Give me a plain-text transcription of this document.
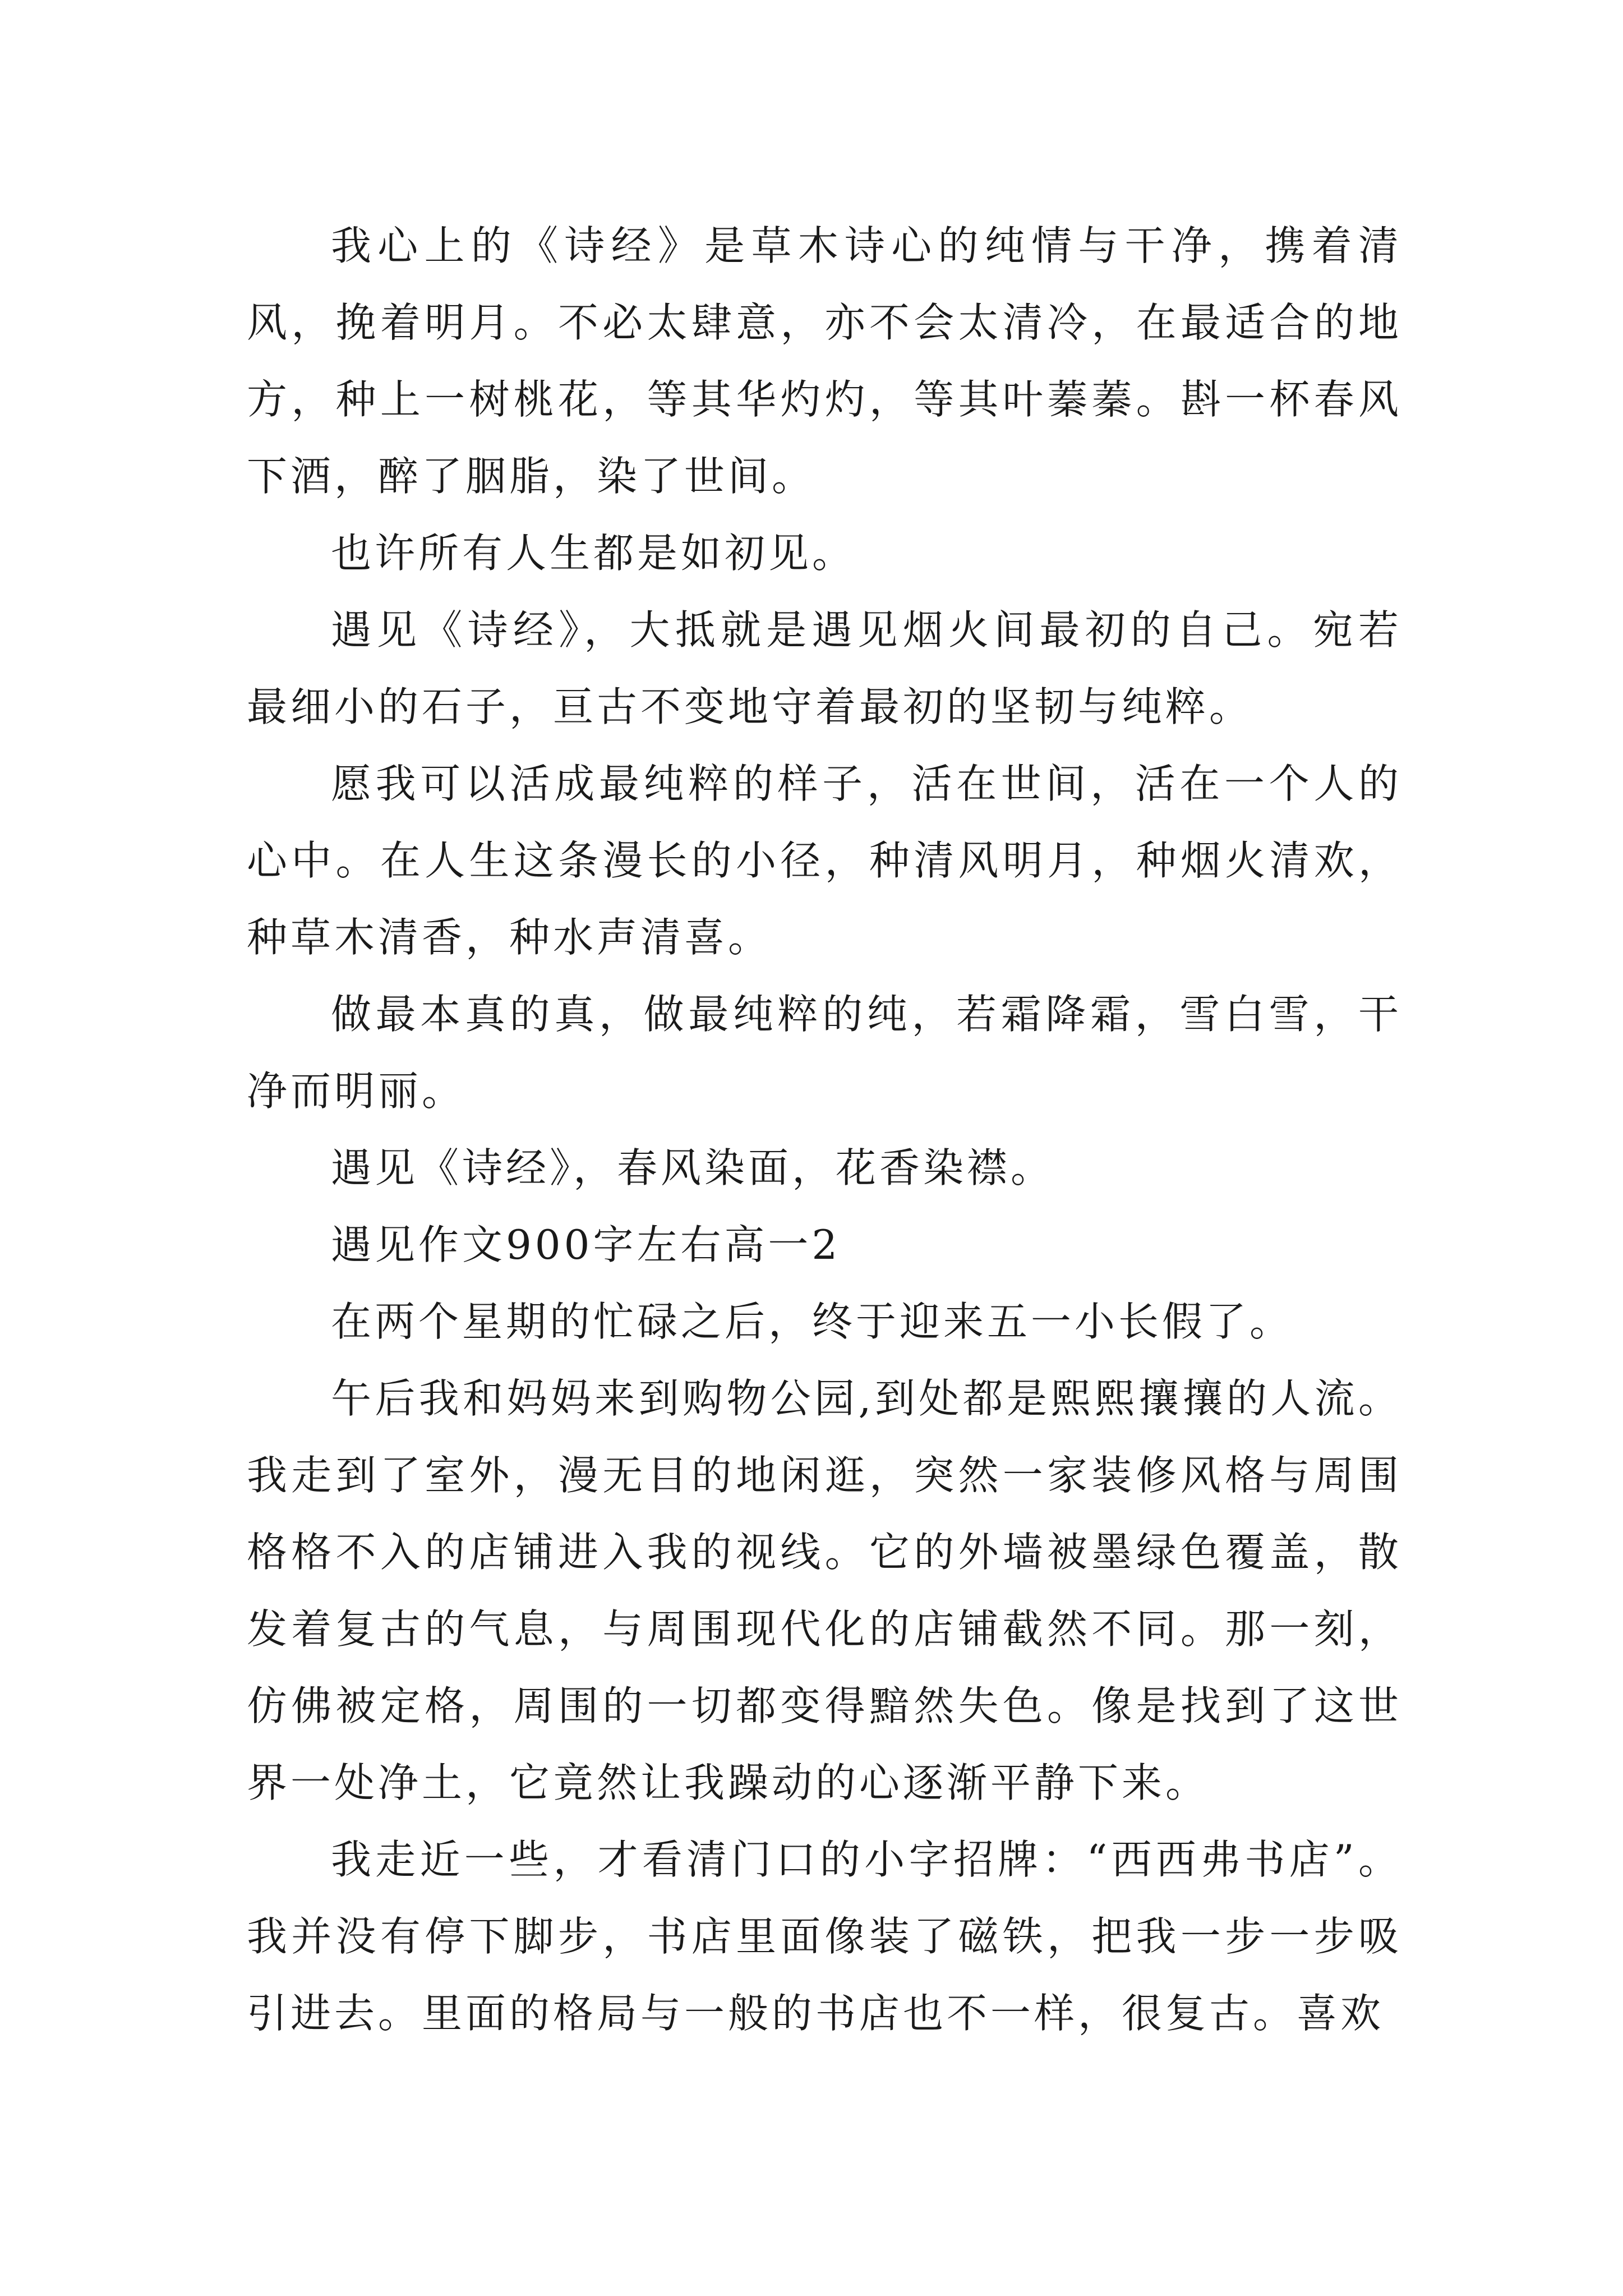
我心上的《诗经》是草木诗心的纯情与干净，携着清风，挽着明月。不必太肆意，亦不会太清冷，在最适合的地方，种上一树桃花，等其华灼灼，等其叶蓁蓁。斟一杯春风下酒，醉了胭脂，染了世间。

也许所有人生都是如初见。

遇见《诗经》，大抵就是遇见烟火间最初的自己。宛若最细小的石子，亘古不变地守着最初的坚韧与纯粹。

愿我可以活成最纯粹的样子，活在世间，活在一个人的心中。在人生这条漫长的小径，种清风明月，种烟火清欢，种草木清香，种水声清喜。

做最本真的真，做最纯粹的纯，若霜降霜，雪白雪，干净而明丽。

遇见《诗经》，春风染面，花香染襟。

遇见作文900字左右高一2

在两个星期的忙碌之后，终于迎来五一小长假了。

午后我和妈妈来到购物公园,到处都是熙熙攘攘的人流。我走到了室外，漫无目的地闲逛，突然一家装修风格与周围格格不入的店铺进入我的视线。它的外墙被墨绿色覆盖，散发着复古的气息，与周围现代化的店铺截然不同。那一刻，仿佛被定格，周围的一切都变得黯然失色。像是找到了这世界一处净土，它竟然让我躁动的心逐渐平静下来。

我走近一些，才看清门口的小字招牌：“西西弗书店”。我并没有停下脚步，书店里面像装了磁铁，把我一步一步吸引进去。里面的格局与一般的书店也不一样，很复古。喜欢
